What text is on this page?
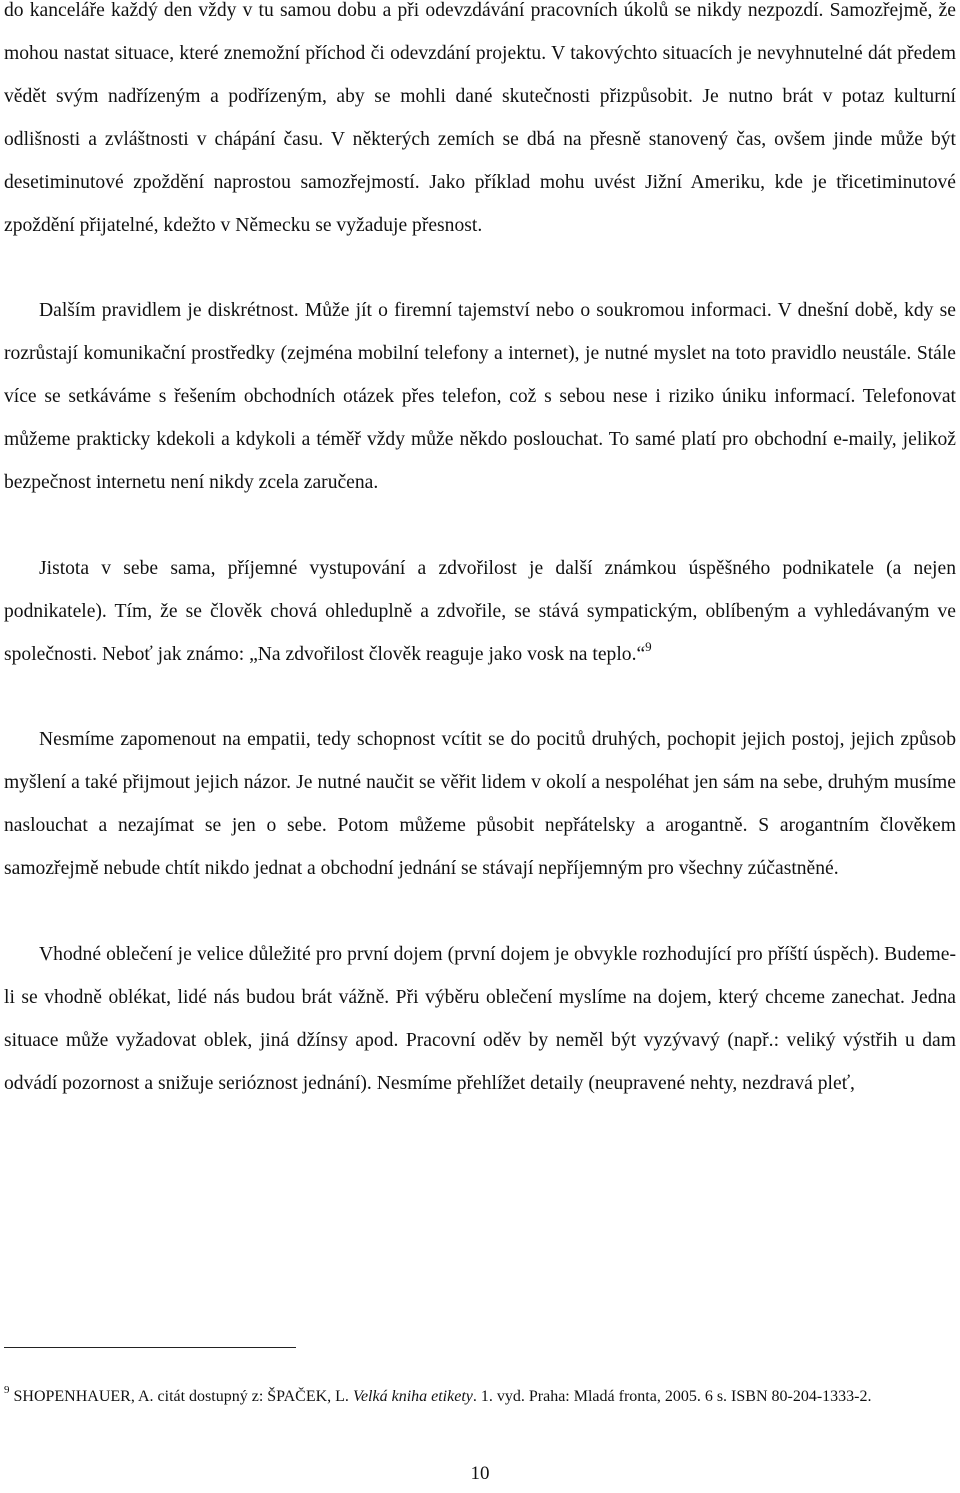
do kanceláře každý den vždy v tu samou dobu a při odevzdávání pracovních úkolů se nikdy nezpozdí. Samozřejmě, že mohou nastat situace, které znemožní příchod či odevzdání projektu. V takovýchto situacích je nevyhnutelné dát předem vědět svým nadřízeným a podřízeným, aby se mohli dané skutečnosti přizpůsobit. Je nutno brát v potaz kulturní odlišnosti a zvláštnosti v chápání času. V některých zemích se dbá na přesně stanovený čas, ovšem jinde může být desetiminutové zpoždění naprostou samozřejmostí. Jako příklad mohu uvést Jižní Ameriku, kde je třicetiminutové zpoždění přijatelné, kdežto v Německu se vyžaduje přesnost.

Dalším pravidlem je diskrétnost. Může jít o firemní tajemství nebo o soukromou informaci. V dnešní době, kdy se rozrůstají komunikační prostředky (zejména mobilní telefony a internet), je nutné myslet na toto pravidlo neustále. Stále více se setkáváme s řešením obchodních otázek přes telefon, což s sebou nese i riziko úniku informací. Telefonovat můžeme prakticky kdekoli a kdykoli a téměř vždy může někdo poslouchat. To samé platí pro obchodní e-maily, jelikož bezpečnost internetu není nikdy zcela zaručena.

Jistota v sebe sama, příjemné vystupování a zdvořilost je další známkou úspěšného podnikatele (a nejen podnikatele). Tím, že se člověk chová ohleduplně a zdvořile, se stává sympatickým, oblíbeným a vyhledávaným ve společnosti. Neboť jak známo: „Na zdvořilost člověk reaguje jako vosk na teplo.“$^9$

Nesmíme zapomenout na empatii, tedy schopnost vcítit se do pocitů druhých, pochopit jejich postoj, jejich způsob myšlení a také přijmout jejich názor. Je nutné naučit se věřit lidem v okolí a nespoléhat jen sám na sebe, druhým musíme naslouchat a nezajímat se jen o sebe. Potom můžeme působit nepřátelsky a arogantně. S arogantním člověkem samozřejmě nebude chtít nikdo jednat a obchodní jednání se stávají nepříjemným pro všechny zúčastněné.

Vhodné oblečení je velice důležité pro první dojem (první dojem je obvykle rozhodující pro příští úspěch). Budeme-li se vhodně oblékat, lidé nás budou brát vážně. Při výběru oblečení myslíme na dojem, který chceme zanechat. Jedna situace může vyžadovat oblek, jiná džínsy apod. Pracovní oděv by neměl být vyzývavý (např.: veliký výstřih u dam odvádí pozornost a snižuje serióznost jednání). Nesmíme přehlížet detaily (neupravené nehty, nezdravá pleť,

$^9$ SHOPENHAUER, A. citát dostupný z: ŠPAČEK, L. Velká kniha etikety. 1. vyd. Praha: Mladá fronta, 2005. 6 s. ISBN 80-204-1333-2.

10
